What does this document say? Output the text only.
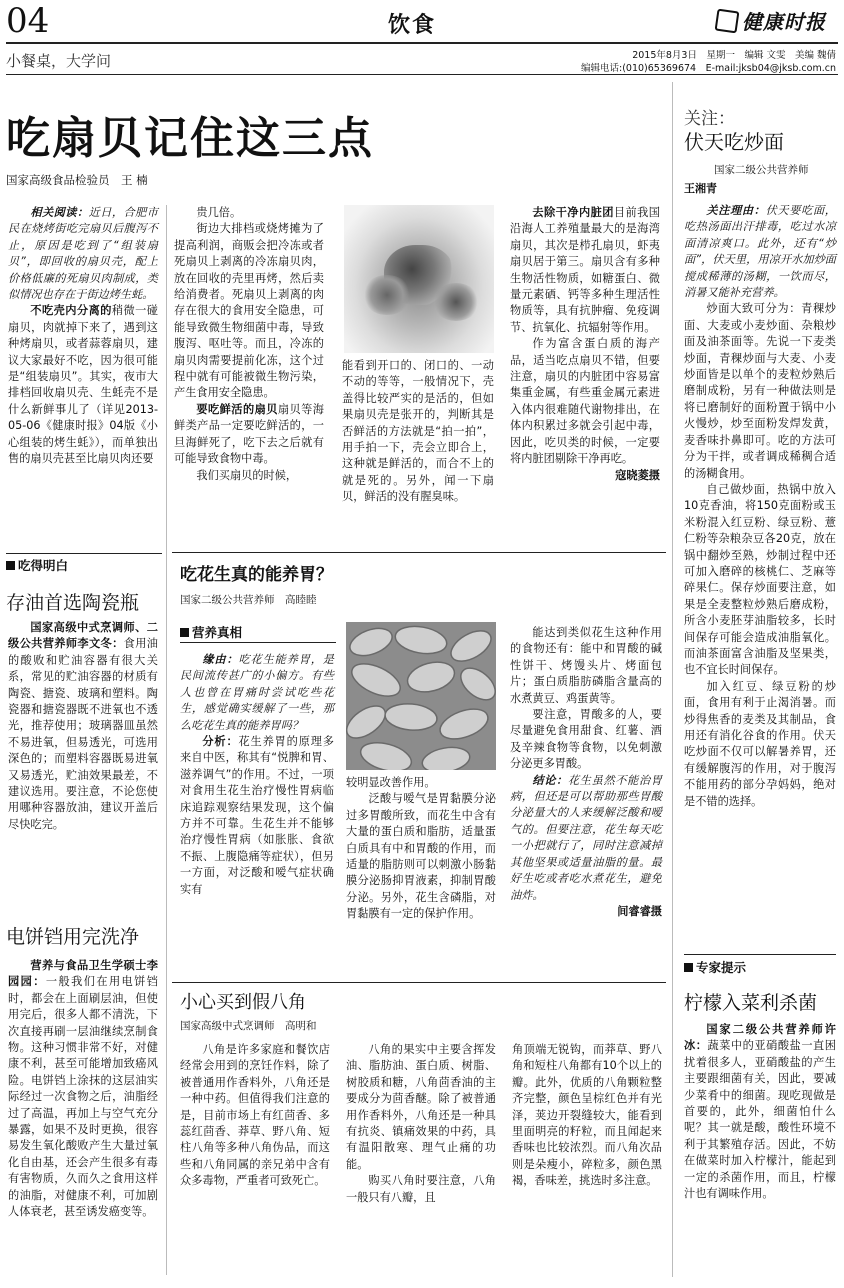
04	饮食	健康时报
小餐桌，大学问	2015年8月3日　星期一　编辑 文雯　美编 魏倩
编辑电话:(010)65369674　E-mail:jksb04@jksb.com.cn
吃扇贝记住这三点
国家高级食品检验员　王 楠

相关阅读：近日，合肥市民在烧烤街吃完扇贝后腹泻不止，原因是吃到了“组装扇贝”，即回收的扇贝壳，配上价格低廉的死扇贝肉制成，类似情况也存在于街边烤生蚝。

不吃壳内分离的稍微一碰扇贝，肉就掉下来了，遇到这种烤扇贝，或者蒜蓉扇贝，建议大家最好不吃，因为很可能是“组装扇贝”。其实，夜市大排档回收扇贝壳、生蚝壳不是什么新鲜事儿了（详见2013-05-06《健康时报》04版《小心组装的烤生蚝》），而单独出售的扇贝壳甚至比扇贝肉还要

贵几倍。

街边大排档或烧烤摊为了提高利润，商贩会把冷冻或者死扇贝上剥离的冷冻扇贝肉，放在回收的壳里再烤，然后卖给消费者。死扇贝上剥离的肉存在很大的食用安全隐患，可能导致微生物细菌中毒，导致腹泻、呕吐等。而且，冷冻的扇贝肉需要提前化冻，这个过程中就有可能被微生物污染，产生食用安全隐患。

要吃鲜活的扇贝扇贝等海鲜类产品一定要吃鲜活的，一旦海鲜死了，吃下去之后就有可能导致食物中毒。

我们买扇贝的时候，

能看到开口的、闭口的、一动不动的等等，一般情况下，壳盖得比较严实的是活的，但如果扇贝壳是张开的，判断其是否鲜活的方法就是“拍一拍”，用手拍一下，壳会立即合上，这种就是鲜活的，而合不上的就是死的。另外，闻一下扇贝，鲜活的没有腥臭味。

去除干净内脏团目前我国沿海人工养殖量最大的是海湾扇贝，其次是栉孔扇贝，虾夷扇贝居于第三。扇贝含有多种生物活性物质，如糖蛋白、微量元素硒、钙等多种生理活性物质等，具有抗肿瘤、免疫调节、抗氧化、抗辐射等作用。

作为富含蛋白质的海产品，适当吃点扇贝不错，但要注意，扇贝的内脏团中容易富集重金属，有些重金属元素进入体内很难随代谢物排出，在体内积累过多就会引起中毒，因此，吃贝类的时候，一定要将内脏团剔除干净再吃。

寇晓菱摄
吃得明白
存油首选陶瓷瓶

国家高级中式烹调师、二级公共营养师李文冬：食用油的酸败和贮油容器有很大关系，常见的贮油容器的材质有陶瓷、搪瓷、玻璃和塑料。陶瓷器和搪瓷器既不进氧也不透光，推荐使用；玻璃器皿虽然不易进氧，但易透光，可选用深色的；而塑料容器既易进氧又易透光，贮油效果最差，不建议选用。要注意，不论您使用哪种容器放油，建议开盖后尽快吃完。

电饼铛用完洗净

营养与食品卫生学硕士李园园：一般我们在用电饼铛时，都会在上面刷层油，但使用完后，很多人都不清洗，下次直接再刷一层油继续烹制食物。这种习惯非常不好，对健康不利，甚至可能增加致癌风险。电饼铛上涂抹的这层油实际经过一次食物之后，油脂经过了高温，再加上与空气充分暴露，如果不及时更换，很容易发生氧化酸败产生大量过氧化自由基，还会产生很多有毒有害物质，久而久之食用这样的油脂，对健康不利，可加剧人体衰老，甚至诱发癌变等。

吃花生真的能养胃？
国家二级公共营养师　高睦睦
营养真相

缘由：吃花生能养胃，是民间流传甚广的小偏方。有些人也曾在胃痛时尝试吃些花生，感觉确实缓解了一些，那么吃花生真的能养胃吗？

分析：花生养胃的原理多来自中医，称其有“悦脾和胃、滋养调气”的作用。不过，一项对食用生花生治疗慢性胃病临床追踪观察结果发现，这个偏方并不可靠。生花生并不能够治疗慢性胃病（如胀胀、食欲不振、上腹隐痛等症状），但另一方面，对泛酸和嗳气症状确实有

较明显改善作用。

泛酸与嗳气是胃黏膜分泌过多胃酸所致，而花生中含有大量的蛋白质和脂肪，适量蛋白质具有中和胃酸的作用，而适量的脂肪则可以刺激小肠黏膜分泌肠抑胃液素，抑制胃酸分泌。另外，花生含磷脂，对胃黏膜有一定的保护作用。

能达到类似花生这种作用的食物还有：能中和胃酸的碱性饼干、烤馒头片、烤面包片；蛋白质脂肪磷脂含量高的水煮黄豆、鸡蛋黄等。

要注意，胃酸多的人，要尽量避免食用甜食、红薯、酒及辛辣食物等食物，以免刺激分泌更多胃酸。

结论：花生虽然不能治胃病，但还是可以帮助那些胃酸分泌量大的人来缓解泛酸和嗳气的。但要注意，花生每天吃一小把就行了，同时注意减掉其他坚果或适量油脂的量。最好生吃或者吃水煮花生，避免油炸。

间睿睿摄
小心买到假八角
国家高级中式烹调师　高明和

八角是许多家庭和餐饮店经常会用到的烹饪作料，除了被普通用作香料外，八角还是一种中药。但值得我们注意的是，目前市场上有红茴香、多蕊红茴香、莽草、野八角、短柱八角等多种八角伪品，而这些和八角同属的亲兄弟中含有众多毒物，严重者可致死亡。

八角的果实中主要含挥发油、脂肪油、蛋白质、树脂、树胶质和糖，八角茴香油的主要成分为茴香醚。除了被普通用作香料外，八角还是一种具有抗炎、镇痛效果的中药，具有温阳散寒、理气止痛的功能。

购买八角时要注意，八角一般只有八瓣，且

角顶端无锐钩，而莽草、野八角和短柱八角都有10个以上的瓣。此外，优质的八角颗粒整齐完整，颜色呈棕红色并有光泽，荚边开裂缝较大，能看到里面明亮的籽粒，而且闻起来香味也比较浓烈。而八角次品则是朵瘦小，碎粒多，颜色黑褐，香味差，挑选时多注意。

关注：
伏天吃炒面
国家二级公共营养师
王湘青

关注理由：伏天要吃面，吃热汤面出汗排毒，吃过水凉面清凉爽口。此外，还有“炒面”，伏天里，用凉开水加炒面搅成稀薄的汤糊，一饮而尽，消暑又能补充营养。

炒面大致可分为：青稞炒面、大麦或小麦炒面、杂粮炒面及油茶面等。先说一下麦类炒面，青稞炒面与大麦、小麦炒面皆是以单个的麦粒炒熟后磨制成粉，另有一种做法则是将已磨制好的面粉置于锅中小火慢炒，炒至面粉发焊发黄，麦香味扑鼻即可。吃的方法可分为干拌，或者调成稀稠合适的汤糊食用。

自己做炒面，热锅中放入10克香油，将150克面粉或玉米粉混入红豆粉、绿豆粉、薏仁粉等杂粮杂豆各20克，放在锅中翻炒至熟，炒制过程中还可加入磨碎的核桃仁、芝麻等碎果仁。保存炒面要注意，如果是全麦整粒炒熟后磨成粉，所含小麦胚芽油脂较多，长时间保存可能会造成油脂氧化。而油茶面富含油脂及坚果类，也不宜长时间保存。

加入红豆、绿豆粉的炒面，食用有利于止渴消暑。而炒得焦香的麦类及其制品，食用还有消化谷食的作用。伏天吃炒面不仅可以解暑养胃，还有缓解腹泻的作用，对于腹泻不能用药的部分孕妈妈，绝对是不错的选择。

专家提示
柠檬入菜利杀菌

国家二级公共营养师许冰：蔬菜中的亚硝酸盐一直困扰着很多人，亚硝酸盐的产生主要跟细菌有关，因此，要减少菜肴中的细菌。现吃现做是首要的，此外，细菌怕什么呢？其一就是酸，酸性环境不利于其繁殖存活。因此，不妨在做菜时加入柠檬汁，能起到一定的杀菌作用，而且，柠檬汁也有调味作用。
